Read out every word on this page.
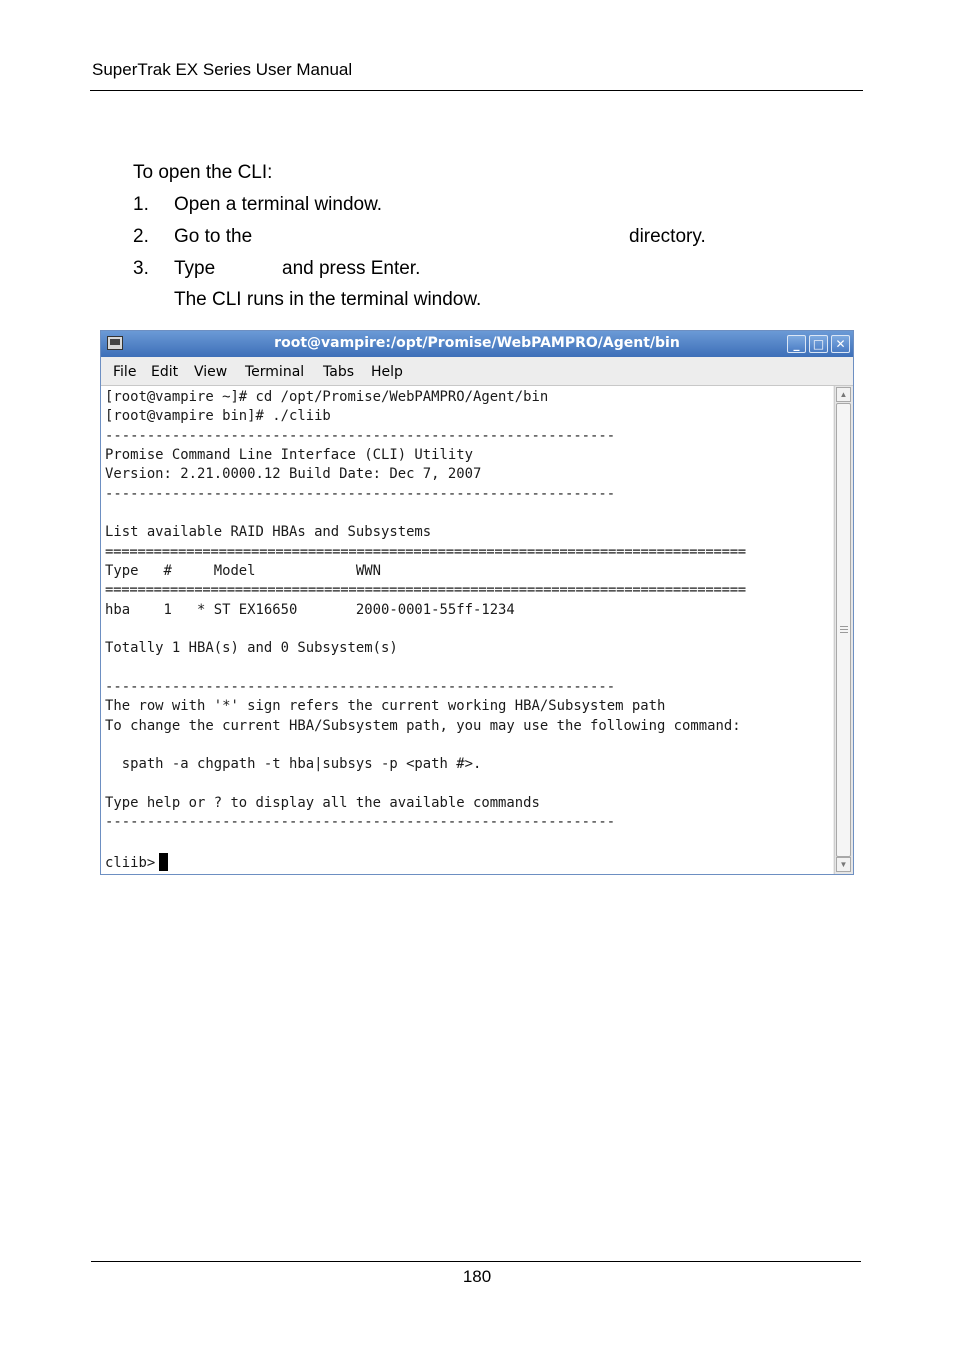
SuperTrak EX Series User Manual
To open the CLI:
1. Open a terminal window.
2. Go to the	directory.
3. Type	and press Enter.
The CLI runs in the terminal window.
root@vampire:/opt/Promise/WebPAMPRO/Agent/bin	_	□ ✕
File Edit View Terminal Tabs Help
[root@vampire ~]# cd /opt/Promise/WebPAMPRO/Agent/bin
[root@vampire bin]# ./cliib
-------------------------------------------------------------
Promise Command Line Interface (CLI) Utility
Version: 2.21.0000.12 Build Date: Dec 7, 2007
-------------------------------------------------------------
List available RAID HBAs and Subsystems
===============================================================================
Type   #     Model            WWN
===============================================================================
hba    1   * ST EX16650       2000-0001-55ff-1234
Totally 1 HBA(s) and 0 Subsystem(s)
-------------------------------------------------------------
The row with '*' sign refers the current working HBA/Subsystem path
To change the current HBA/Subsystem path, you may use the following command:
spath -a chgpath -t hba|subsys -p <path #>.
Type help or ? to display all the available commands
-------------------------------------------------------------
cliib>
▲
▼
180
